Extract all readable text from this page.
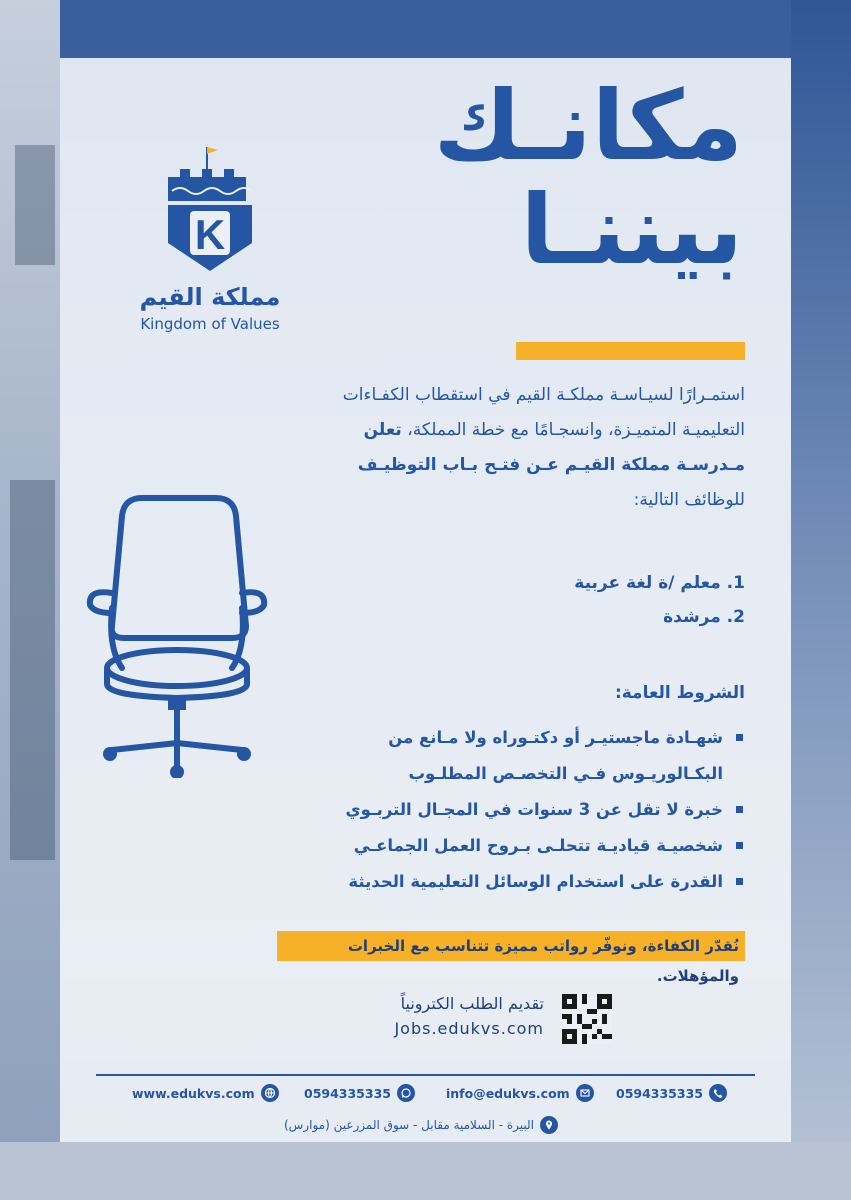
K
مملكة القيم
Kingdom of Values
مكانـك
بيننـا
استمـرارًا لسيـاسـة مملكـة القيم في استقطاب الكفـاءات
التعليميـة المتميـزة، وانسجـامًا مع خطة المملكة، تعلن
مـدرسـة مملكة القيـم عـن فتـح بـاب التوظيـف
للوظائف التالية:
1. معلم /ة لغة عربية
2. مرشدة
الشروط العامة:
شهـادة ماجستيـر أو دكتـوراه ولا مـانع من
البكـالوريـوس فـي التخصـص المطلـوب
خبرة لا تقل عن 3 سنوات في المجـال التربـوي
شخصيـة قياديـة تتحلـى بـروح العمل الجماعـي
القدرة على استخدام الوسائل التعليمية الحديثة
نُقدّر الكفاءة، ونوفّر رواتب مميزة تتناسب مع الخبرات والمؤهلات.
تقديم الطلب الكترونياً
Jobs.edukvs.com
www.edukvs.com	0594335335	info@edukvs.com	0594335335
البيرة - السلامية مقابل - سوق المزرعين (موارس)
